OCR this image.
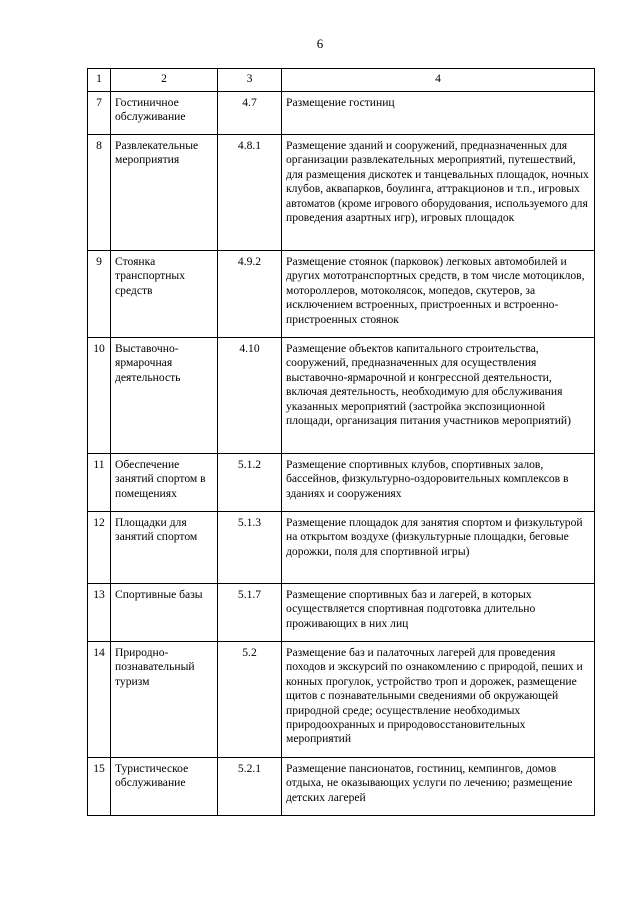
6
1	2	3	4
7	Гостиничное обслуживание	4.7	Размещение гостиниц
8	Развлекательные мероприятия	4.8.1	Размещение зданий и сооружений, предназначенных для организации развлекательных мероприятий, путешествий, для размещения дискотек и танцевальных площадок, ночных клубов, аквапарков, боулинга, аттракционов и т.п., игровых автоматов (кроме игрового оборудования, используемого для проведения азартных игр), игровых площадок
9	Стоянка транспортных средств	4.9.2	Размещение стоянок (парковок) легковых автомобилей и других мототранспортных средств, в том числе мотоциклов, мотороллеров, мотоколясок, мопедов, скутеров, за исключением встроенных, пристроенных и встроенно-пристроенных стоянок
10	Выставочно-ярмарочная деятельность	4.10	Размещение объектов капитального строительства, сооружений, предназначенных для осуществления выставочно-ярмарочной и конгрессной деятельности, включая деятельность, необходимую для обслуживания указанных мероприятий (застройка экспозиционной площади, организация питания участников мероприятий)
11	Обеспечение занятий спортом в помещениях	5.1.2	Размещение спортивных клубов, спортивных залов, бассейнов, физкультурно-оздоровительных комплексов в зданиях и сооружениях
12	Площадки для занятий спортом	5.1.3	Размещение площадок для занятия спортом и физкультурой на открытом воздухе (физкультурные площадки, беговые дорожки, поля для спортивной игры)
13	Спортивные базы	5.1.7	Размещение спортивных баз и лагерей, в которых осуществляется спортивная подготовка длительно проживающих в них лиц
14	Природно-познавательный туризм	5.2	Размещение баз и палаточных лагерей для проведения походов и экскурсий по ознакомлению с природой, пеших и конных прогулок, устройство троп и дорожек, размещение щитов с познавательными сведениями об окружающей природной среде; осуществление необходимых природоохранных и природовосстановительных мероприятий
15	Туристическое обслуживание	5.2.1	Размещение пансионатов, гостиниц, кемпингов, домов отдыха, не оказывающих услуги по лечению; размещение детских лагерей
